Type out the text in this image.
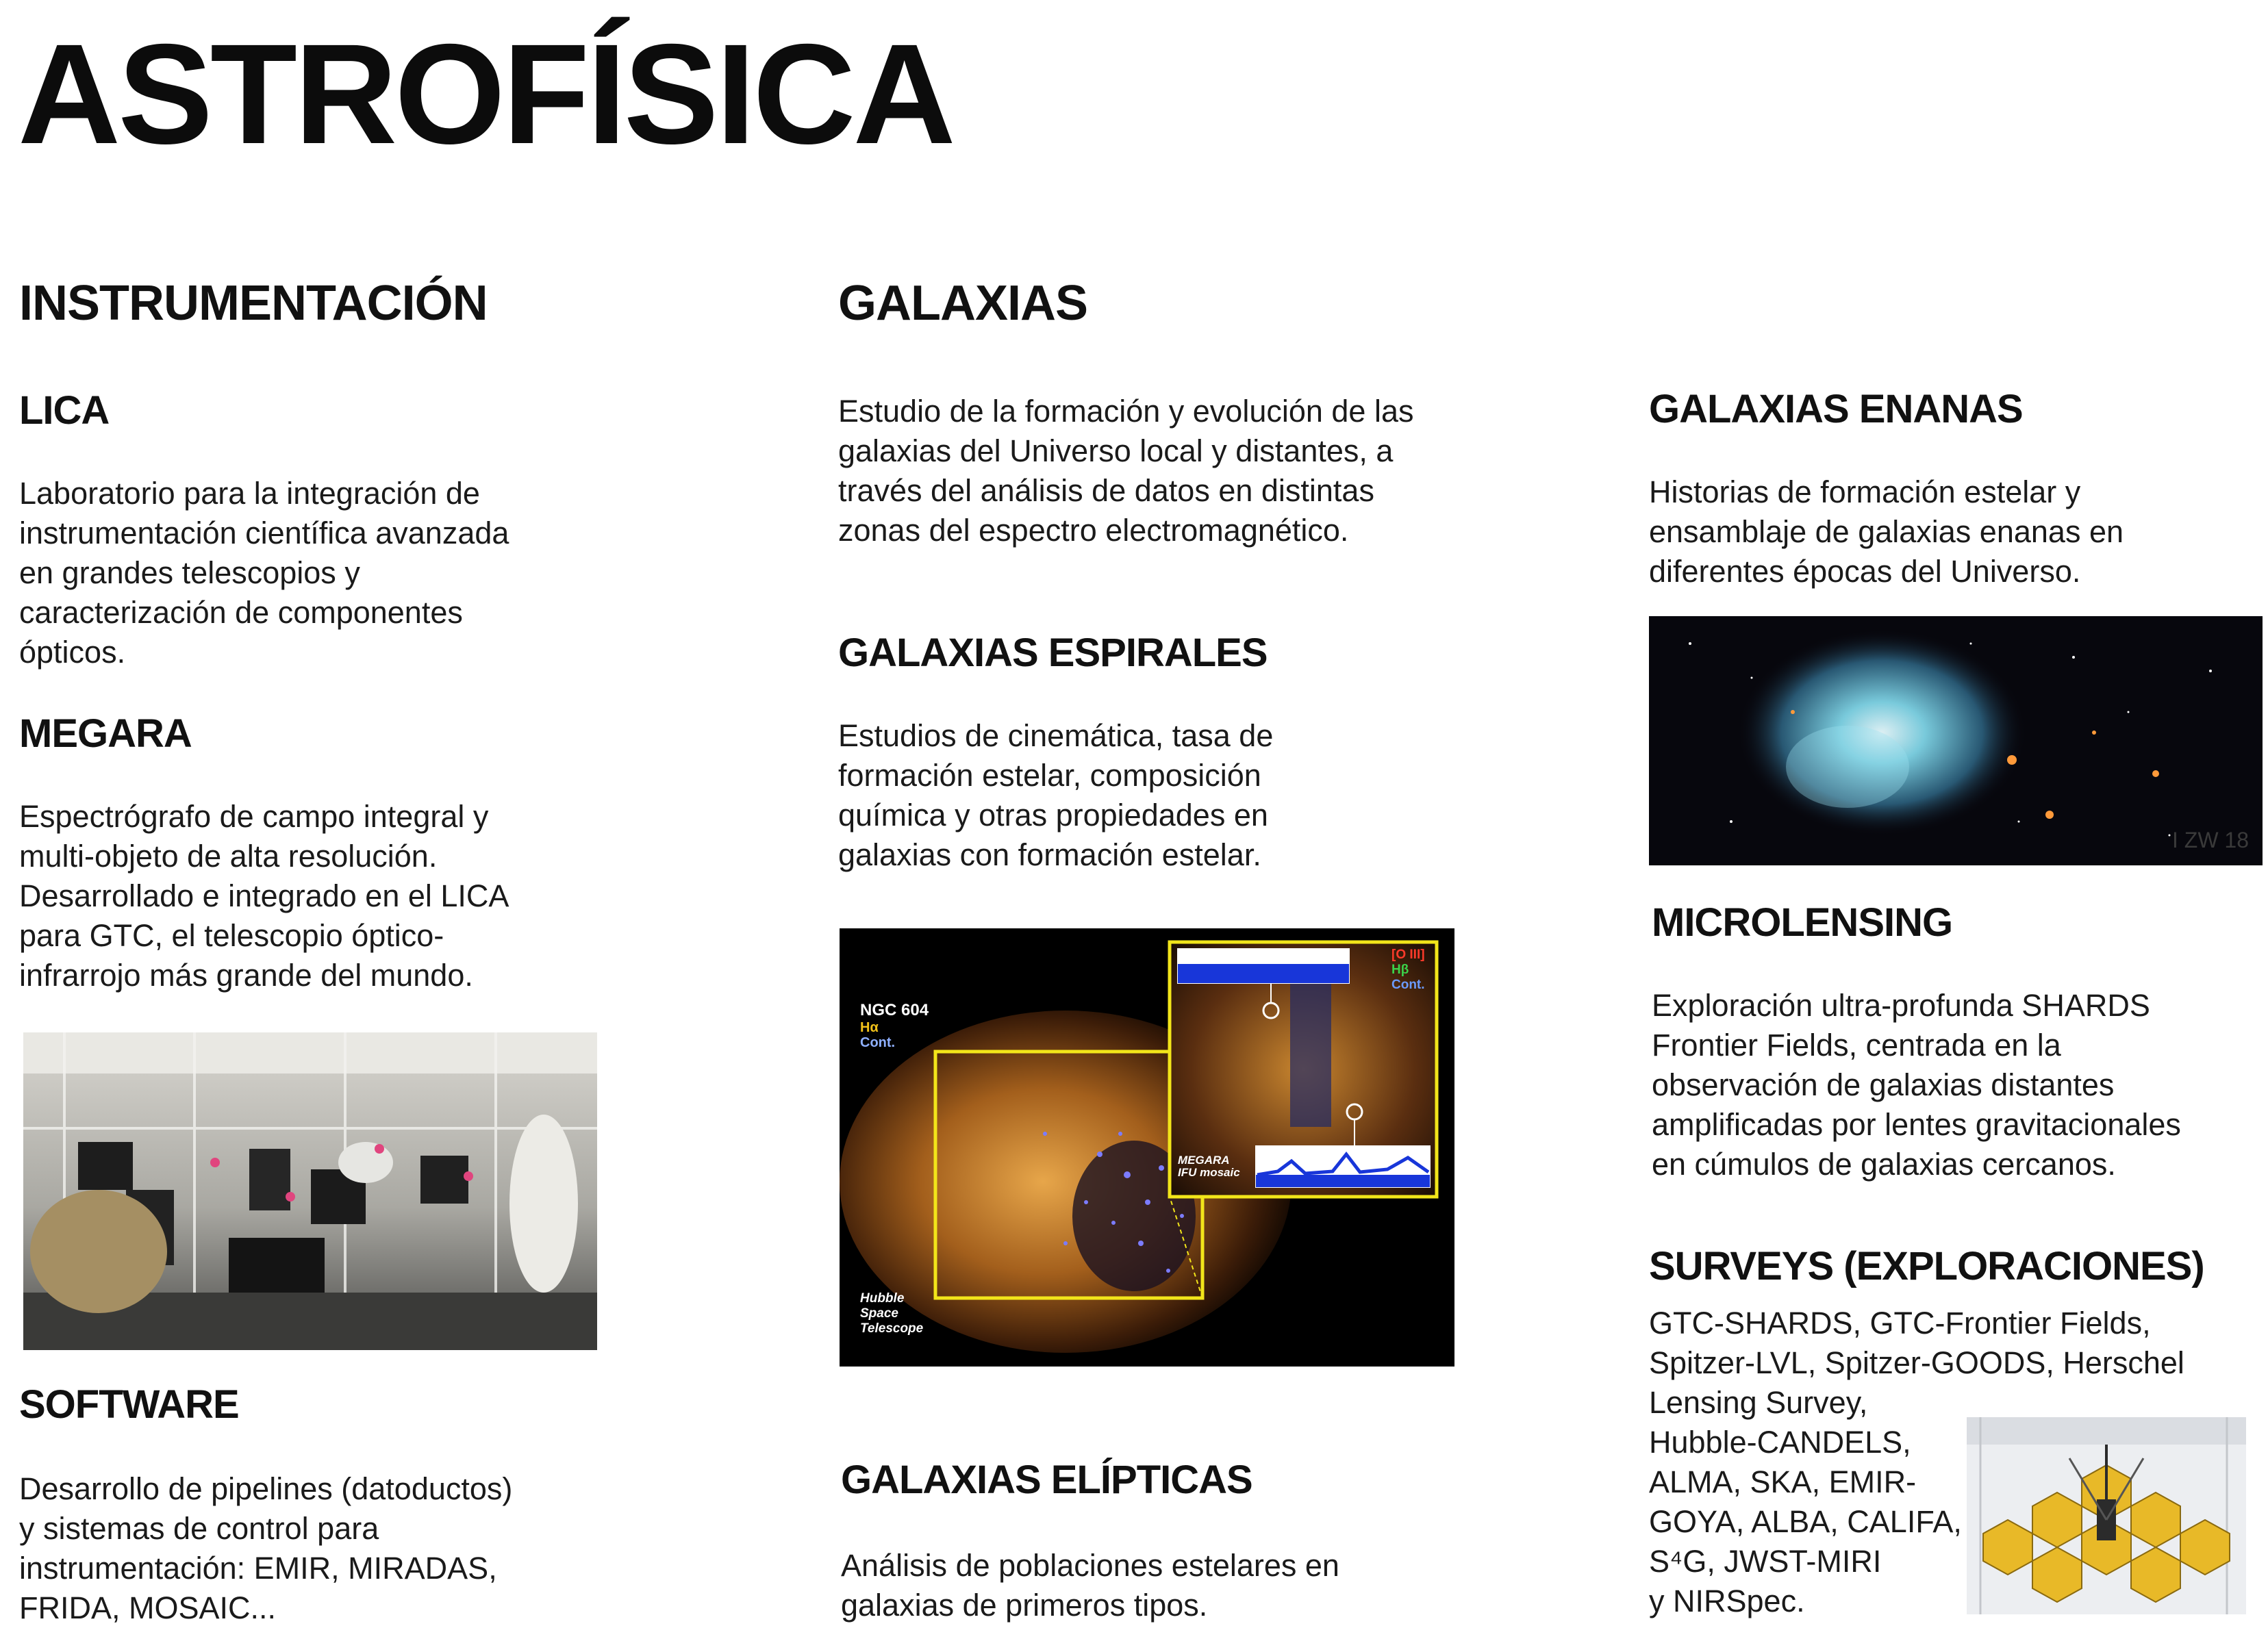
ASTROFÍSICA
INSTRUMENTACIÓN
LICA
Laboratorio para la integración de
instrumentación científica avanzada
en grandes telescopios y
caracterización de componentes
ópticos.
MEGARA
Espectrógrafo de campo integral y
multi-objeto de alta resolución.
Desarrollado e integrado en el LICA
para GTC, el telescopio óptico-
infrarrojo más grande del mundo.
SOFTWARE
Desarrollo de pipelines (datoductos)
y sistemas de control para
instrumentación: EMIR, MIRADAS,
FRIDA, MOSAIC...
GALAXIAS
Estudio de la formación y evolución de las
galaxias del Universo local y distantes, a
través del análisis de datos en distintas
zonas del espectro electromagnético.
GALAXIAS ESPIRALES
Estudios de cinemática, tasa de
formación estelar, composición
química y otras propiedades en
galaxias con formación estelar.
NGC 604
Hα
Cont.
[O III]
Hβ
Cont.
MEGARA
IFU mosaic
Hubble
Space
Telescope
GALAXIAS ELÍPTICAS
Análisis de poblaciones estelares en
galaxias de primeros tipos.
GALAXIAS ENANAS
Historias de formación estelar y
ensamblaje de galaxias enanas en
diferentes épocas del Universo.
I ZW 18
MICROLENSING
Exploración ultra-profunda SHARDS
Frontier Fields, centrada en la
observación de galaxias distantes
amplificadas por lentes gravitacionales
en cúmulos de galaxias cercanos.
SURVEYS (EXPLORACIONES)
GTC-SHARDS, GTC-Frontier Fields,
Spitzer-LVL, Spitzer-GOODS, Herschel
Lensing Survey,
Hubble-CANDELS,
ALMA, SKA, EMIR-
GOYA, ALBA, CALIFA,
S⁴G, JWST-MIRI
y NIRSpec.
